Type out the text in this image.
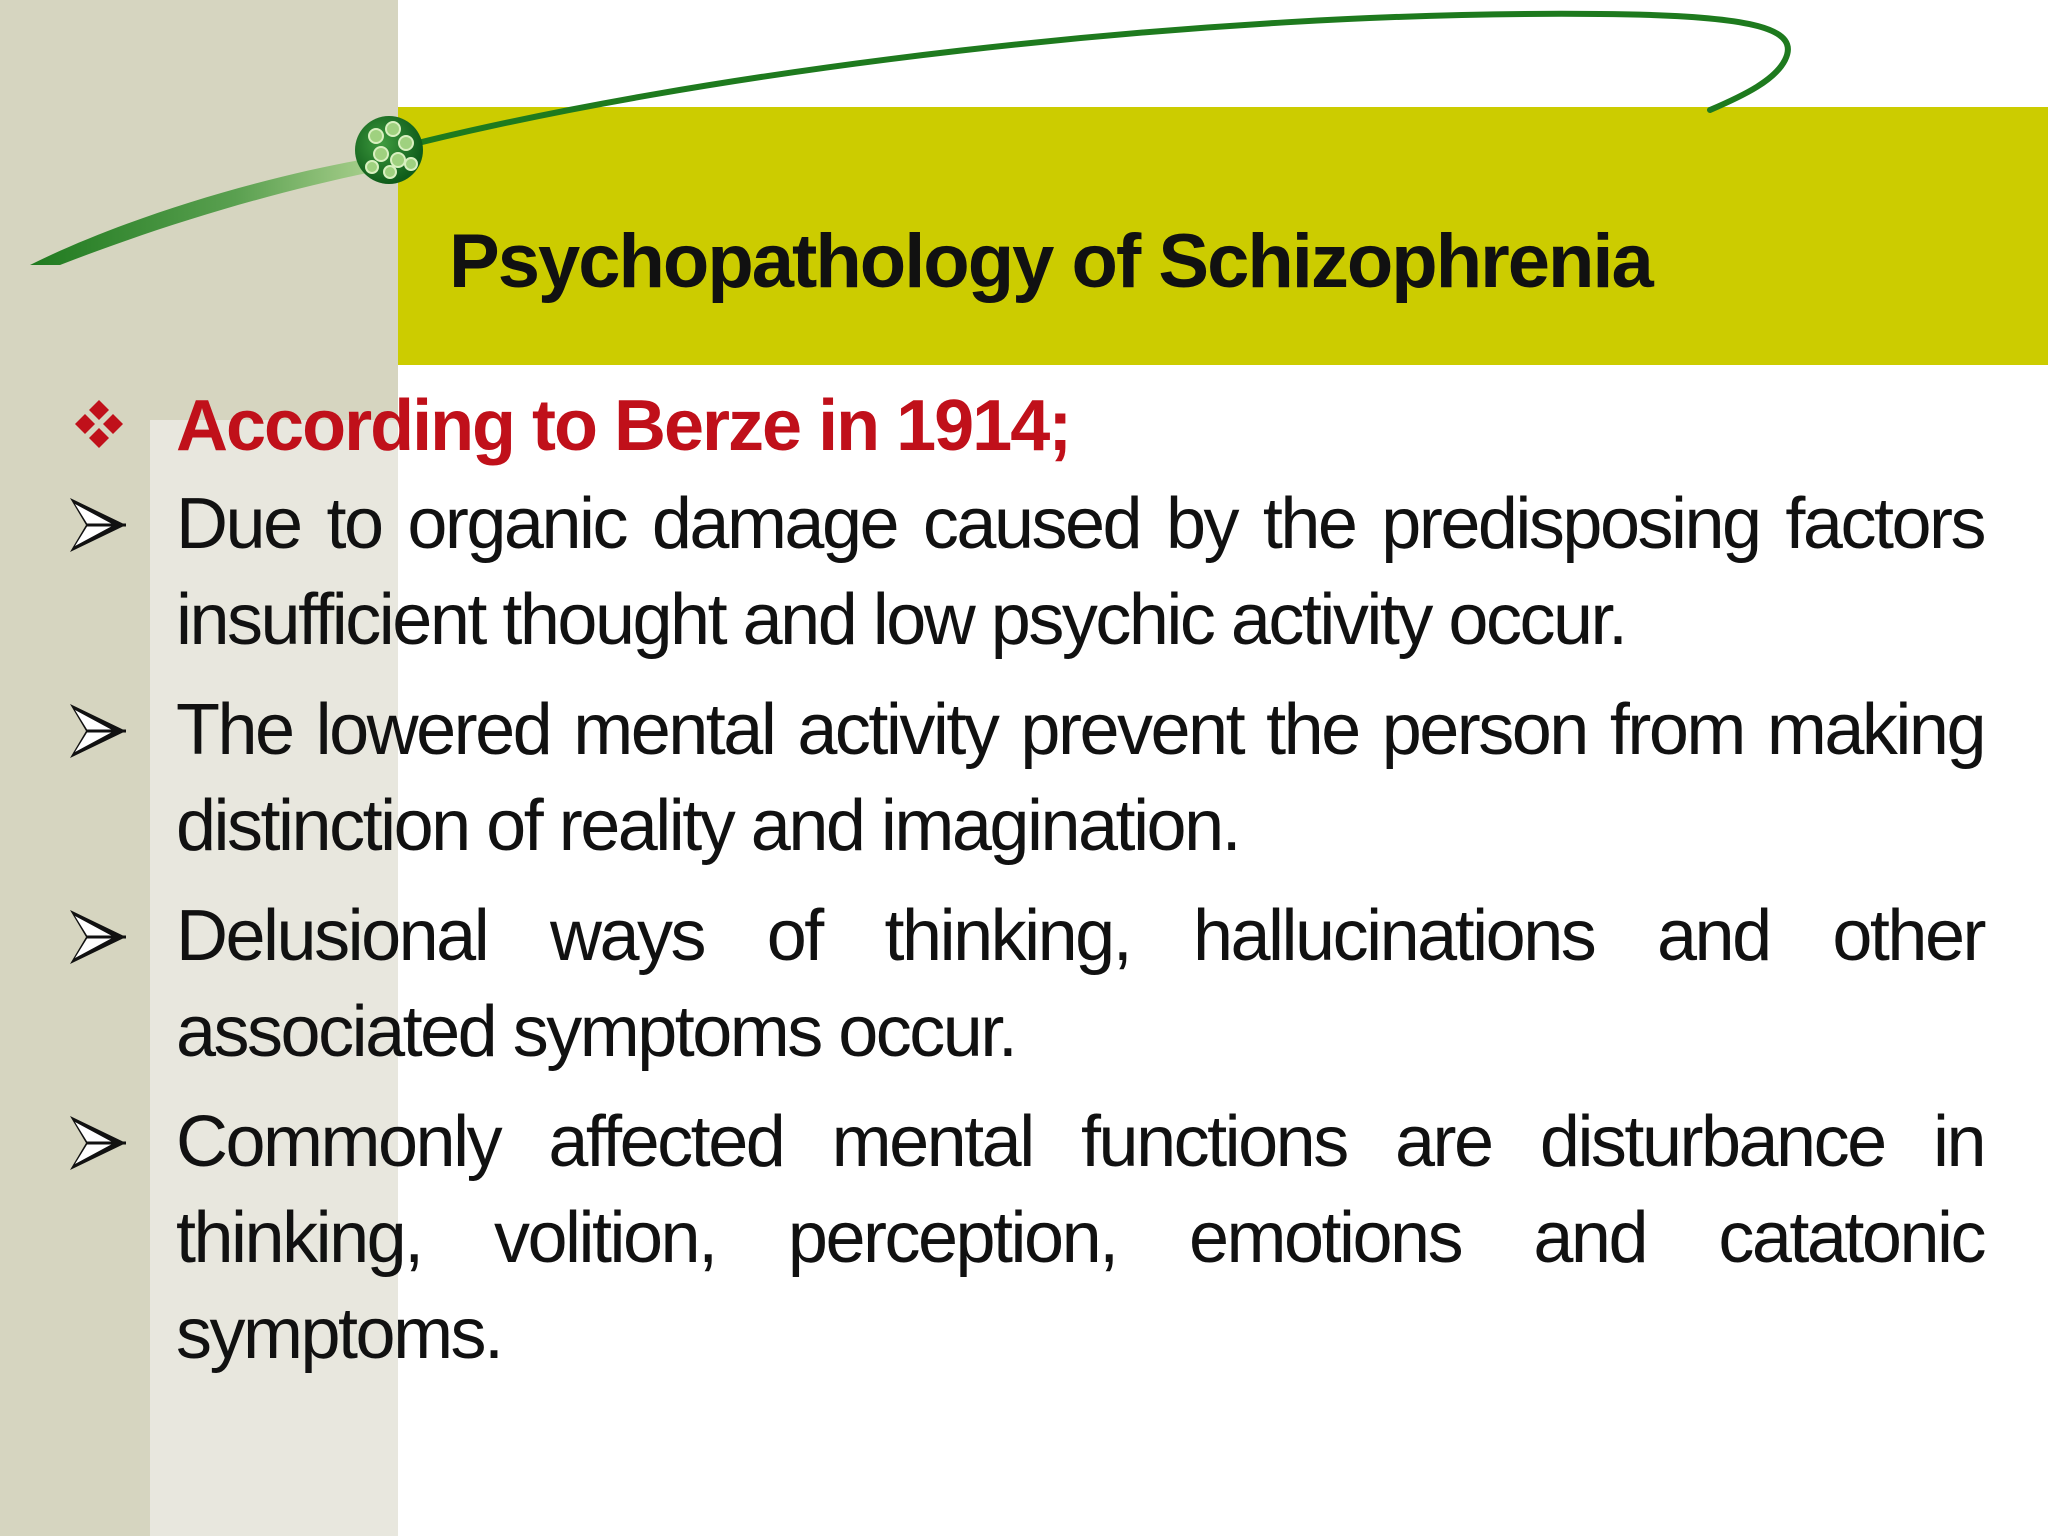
Psychopathology of Schizophrenia
According to Berze in 1914;
Due to organic damage caused by the predisposing factors insufficient thought and low psychic activity occur.
The lowered mental activity prevent the person from making distinction of reality and imagination.
Delusional ways of thinking, hallucinations and other associated symptoms occur.
Commonly affected mental functions are disturbance in thinking, volition, perception, emotions and catatonic symptoms.
